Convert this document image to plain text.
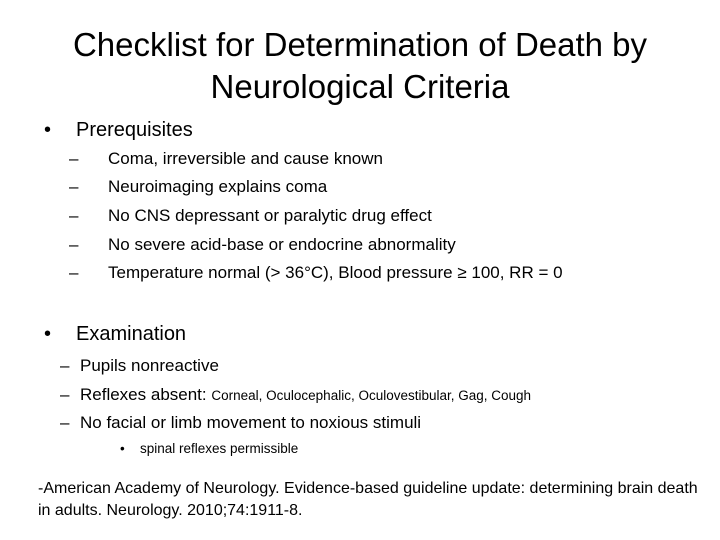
Checklist for Determination of Death by
Neurological Criteria
• Prerequisites
– Coma, irreversible and cause known
– Neuroimaging explains coma
– No CNS depressant or paralytic drug effect
– No severe acid-base or endocrine abnormality
– Temperature normal (> 36°C), Blood pressure ≥ 100, RR = 0
• Examination
– Pupils nonreactive
– Reflexes absent: Corneal, Oculocephalic, Oculovestibular, Gag, Cough
– No facial or limb movement to noxious stimuli
• spinal reflexes permissible
-American Academy of Neurology. Evidence-based guideline update: determining brain death in adults. Neurology. 2010;74:1911-8.
